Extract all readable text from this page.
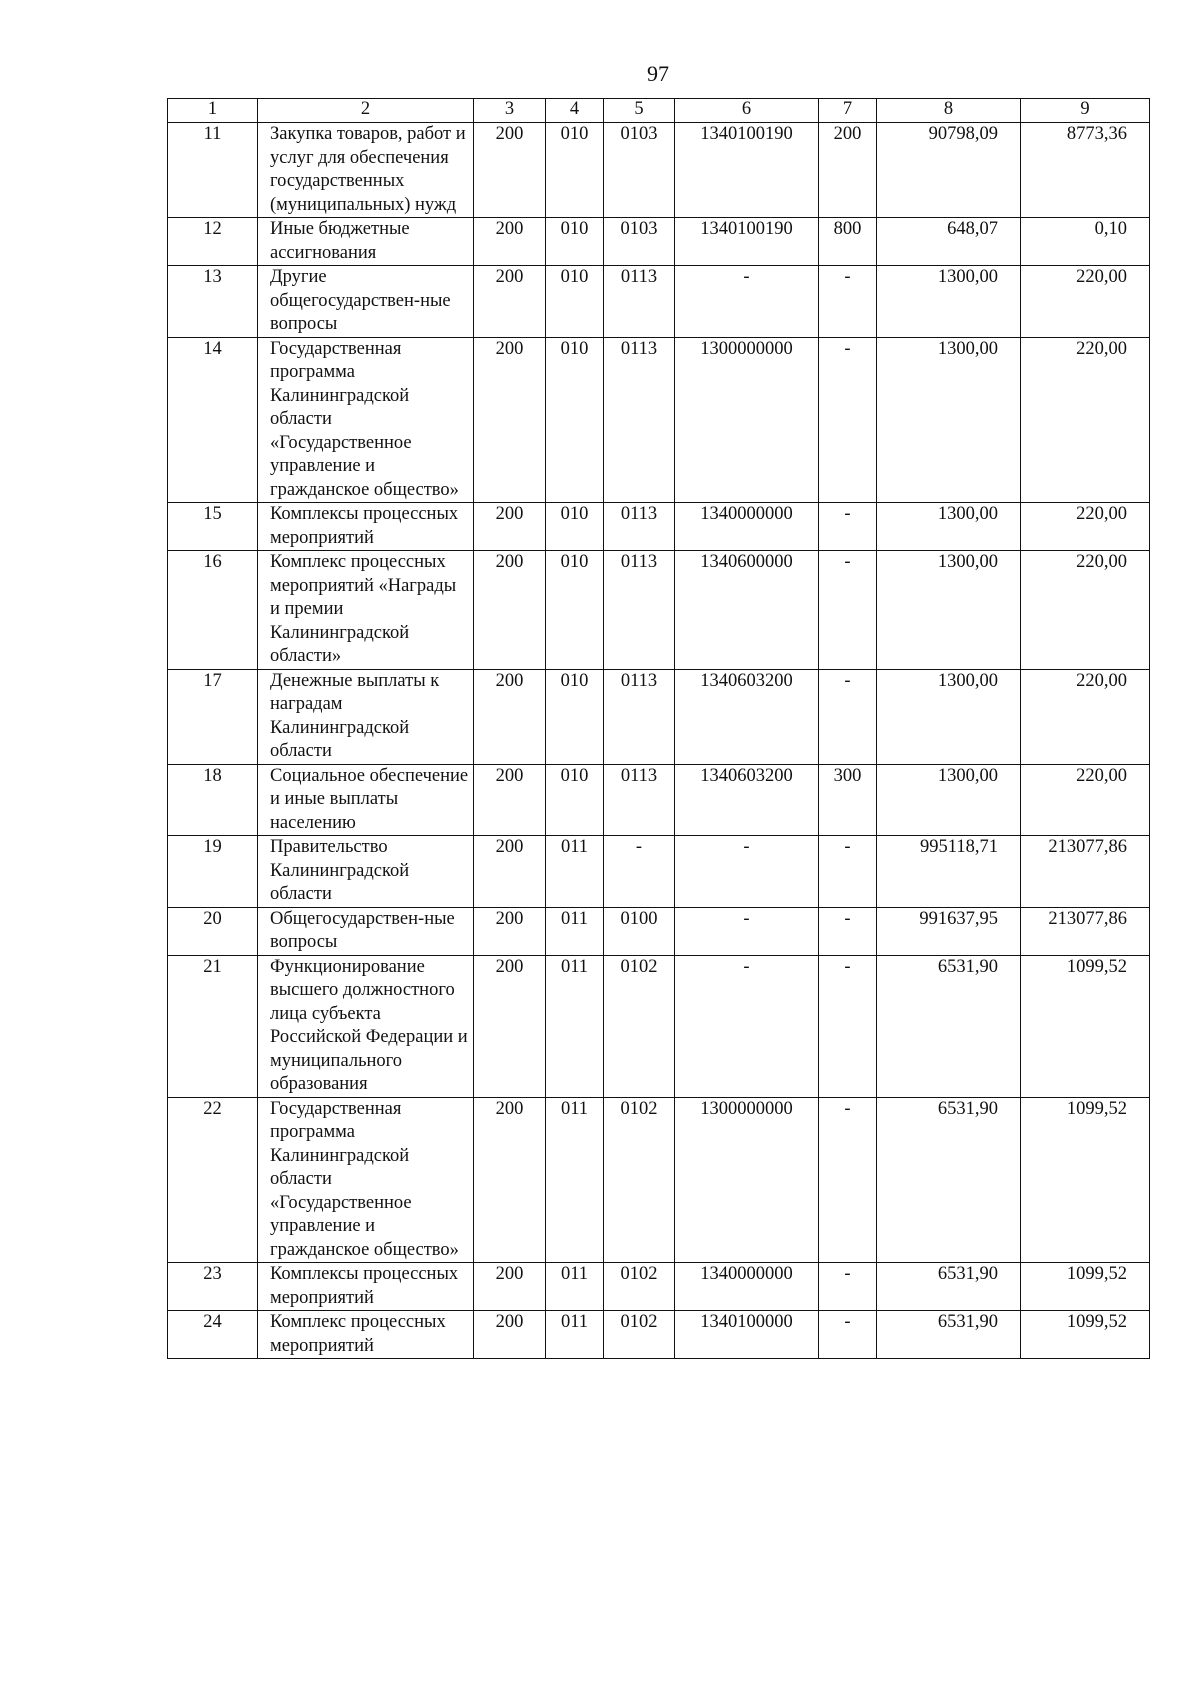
97
1	2	3	4	5	6	7	8	9
11	Закупка товаров, работ и услуг для обеспечения государственных (муниципальных) нужд	200	010	0103	1340100190	200	90798,09	8773,36
12	Иные бюджетные ассигнования	200	010	0103	1340100190	800	648,07	0,10
13	Другие общегосударствен-ные вопросы	200	010	0113	-	-	1300,00	220,00
14	Государственная программа Калининградской области «Государственное управление и гражданское общество»	200	010	0113	1300000000	-	1300,00	220,00
15	Комплексы процессных мероприятий	200	010	0113	1340000000	-	1300,00	220,00
16	Комплекс процессных мероприятий «Награды и премии Калининградской области»	200	010	0113	1340600000	-	1300,00	220,00
17	Денежные выплаты к наградам Калининградской области	200	010	0113	1340603200	-	1300,00	220,00
18	Социальное обеспечение и иные выплаты населению	200	010	0113	1340603200	300	1300,00	220,00
19	Правительство Калининградской области	200	011	-	-	-	995118,71	213077,86
20	Общегосударствен-ные вопросы	200	011	0100	-	-	991637,95	213077,86
21	Функционирование высшего должностного лица субъекта Российской Федерации и муниципального образования	200	011	0102	-	-	6531,90	1099,52
22	Государственная программа Калининградской области «Государственное управление и гражданское общество»	200	011	0102	1300000000	-	6531,90	1099,52
23	Комплексы процессных мероприятий	200	011	0102	1340000000	-	6531,90	1099,52
24	Комплекс процессных мероприятий	200	011	0102	1340100000	-	6531,90	1099,52
